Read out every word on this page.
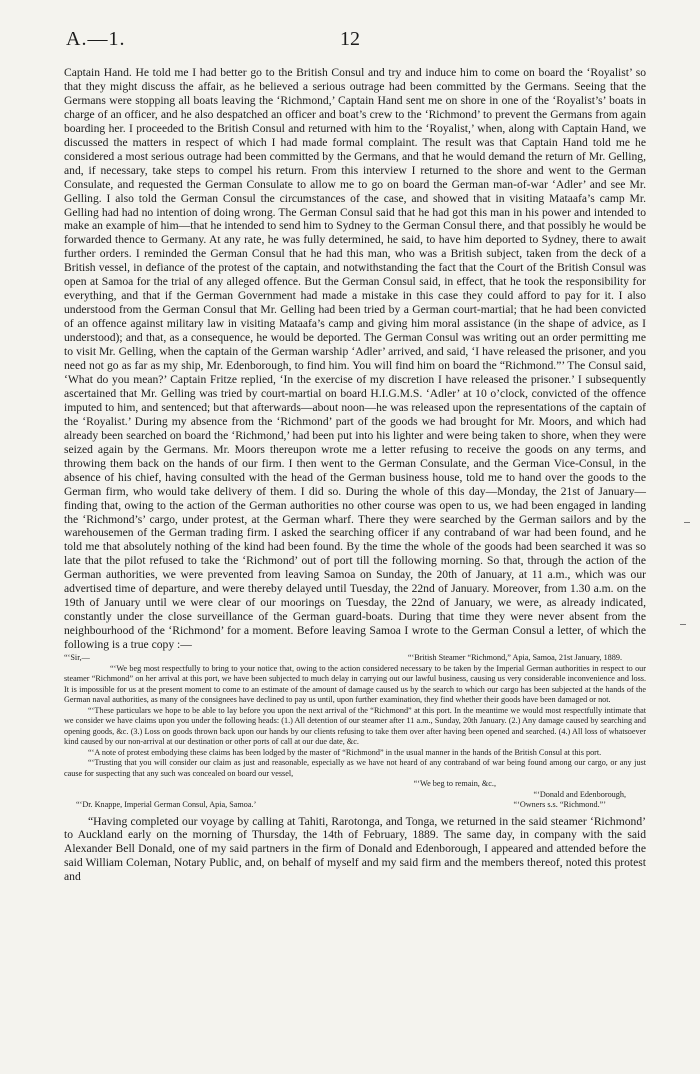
A.—1.	12

Captain Hand. He told me I had better go to the British Consul and try and induce him to come on board the ‘Royalist’ so that they might discuss the affair, as he believed a serious outrage had been committed by the Germans. Seeing that the Germans were stopping all boats leaving the ‘Richmond,’ Captain Hand sent me on shore in one of the ‘Royalist’s’ boats in charge of an officer, and he also despatched an officer and boat’s crew to the ‘Richmond’ to prevent the Germans from again boarding her. I proceeded to the British Consul and returned with him to the ‘Royalist,’ when, along with Captain Hand, we discussed the matters in respect of which I had made formal complaint. The result was that Captain Hand told me he considered a most serious outrage had been committed by the Germans, and that he would demand the return of Mr. Gelling, and, if necessary, take steps to compel his return. From this interview I returned to the shore and went to the German Consulate, and requested the German Consulate to allow me to go on board the German man-of-war ‘Adler’ and see Mr. Gelling. I also told the German Consul the circumstances of the case, and showed that in visiting Mataafa’s camp Mr. Gelling had had no intention of doing wrong. The German Consul said that he had got this man in his power and intended to make an example of him—that he intended to send him to Sydney to the German Consul there, and that possibly he would be forwarded thence to Germany. At any rate, he was fully determined, he said, to have him deported to Sydney, there to await further orders. I reminded the German Consul that he had this man, who was a British subject, taken from the deck of a British vessel, in defiance of the protest of the captain, and notwithstanding the fact that the Court of the British Consul was open at Samoa for the trial of any alleged offence. But the German Consul said, in effect, that he took the responsibility for everything, and that if the German Government had made a mistake in this case they could afford to pay for it. I also understood from the German Consul that Mr. Gelling had been tried by a German court-martial; that he had been convicted of an offence against military law in visiting Mataafa’s camp and giving him moral assistance (in the shape of advice, as I understood); and that, as a consequence, he would be deported. The German Consul was writing out an order permitting me to visit Mr. Gelling, when the captain of the German warship ‘Adler’ arrived, and said, ‘I have released the prisoner, and you need not go as far as my ship, Mr. Edenborough, to find him. You will find him on board the “Richmond.”’ The Consul said, ‘What do you mean?’ Captain Fritze replied, ‘In the exercise of my discretion I have released the prisoner.’ I subsequently ascertained that Mr. Gelling was tried by court-martial on board H.I.G.M.S. ‘Adler’ at 10 o’clock, convicted of the offence imputed to him, and sentenced; but that afterwards—about noon—he was released upon the representations of the captain of the ‘Royalist.’ During my absence from the ‘Richmond’ part of the goods we had brought for Mr. Moors, and which had already been searched on board the ‘Richmond,’ had been put into his lighter and were being taken to shore, when they were seized again by the Germans. Mr. Moors thereupon wrote me a letter refusing to receive the goods on any terms, and throwing them back on the hands of our firm. I then went to the German Consulate, and the German Vice-Consul, in the absence of his chief, having consulted with the head of the German business house, told me to hand over the goods to the German firm, who would take delivery of them. I did so. During the whole of this day—Monday, the 21st of January—finding that, owing to the action of the German authorities no other course was open to us, we had been engaged in landing the ‘Richmond’s’ cargo, under protest, at the German wharf. There they were searched by the German sailors and by the warehousemen of the German trading firm. I asked the searching officer if any contraband of war had been found, and he told me that absolutely nothing of the kind had been found. By the time the whole of the goods had been searched it was so late that the pilot refused to take the ‘Richmond’ out of port till the following morning. So that, through the action of the German authorities, we were prevented from leaving Samoa on Sunday, the 20th of January, at 11 a.m., which was our advertised time of departure, and were thereby delayed until Tuesday, the 22nd of January. Moreover, from 1.30 a.m. on the 19th of January until we were clear of our moorings on Tuesday, the 22nd of January, we were, as already indicated, constantly under the close surveillance of the German guard-boats. During that time they were never absent from the neighbourhood of the ‘Richmond’ for a moment. Before leaving Samoa I wrote to the German Consul a letter, of which the following is a true copy :—

“‘Sir,—	“‘British Steamer “Richmond,” Apia, Samoa, 21st January, 1889.

“‘We beg most respectfully to bring to your notice that, owing to the action considered necessary to be taken by the Imperial German authorities in respect to our steamer “Richmond” on her arrival at this port, we have been subjected to much delay in carrying out our lawful business, causing us very considerable inconvenience and loss. It is impossible for us at the present moment to come to an estimate of the amount of damage caused us by the search to which our cargo has been subjected at the hands of the German naval authorities, as many of the consignees have declined to pay us until, upon further examination, they find whether their goods have been damaged or not.

“‘These particulars we hope to be able to lay before you upon the next arrival of the “Richmond” at this port. In the meantime we would most respectfully intimate that we consider we have claims upon you under the following heads: (1.) All detention of our steamer after 11 a.m., Sunday, 20th January. (2.) Any damage caused by searching and opening goods, &c. (3.) Loss on goods thrown back upon our hands by our clients refusing to take them over after having been opened and searched. (4.) All loss of whatsoever kind caused by our non-arrival at our destination or other ports of call at our due date, &c.

“‘A note of protest embodying these claims has been lodged by the master of “Richmond” in the usual manner in the hands of the British Consul at this port.

“‘Trusting that you will consider our claim as just and reasonable, especially as we have not heard of any contraband of war being found among our cargo, or any just cause for suspecting that any such was concealed on board our vessel,

“‘We beg to remain, &c.,
“‘Donald and Edenborough,
“‘Dr. Knappe, Imperial German Consul, Apia, Samoa.’	“‘Owners s.s. “Richmond.”’

“Having completed our voyage by calling at Tahiti, Rarotonga, and Tonga, we returned in the said steamer ‘Richmond’ to Auckland early on the morning of Thursday, the 14th of February, 1889. The same day, in company with the said Alexander Bell Donald, one of my said partners in the firm of Donald and Edenborough, I appeared and attended before the said William Coleman, Notary Public, and, on behalf of myself and my said firm and the members thereof, noted this protest and
